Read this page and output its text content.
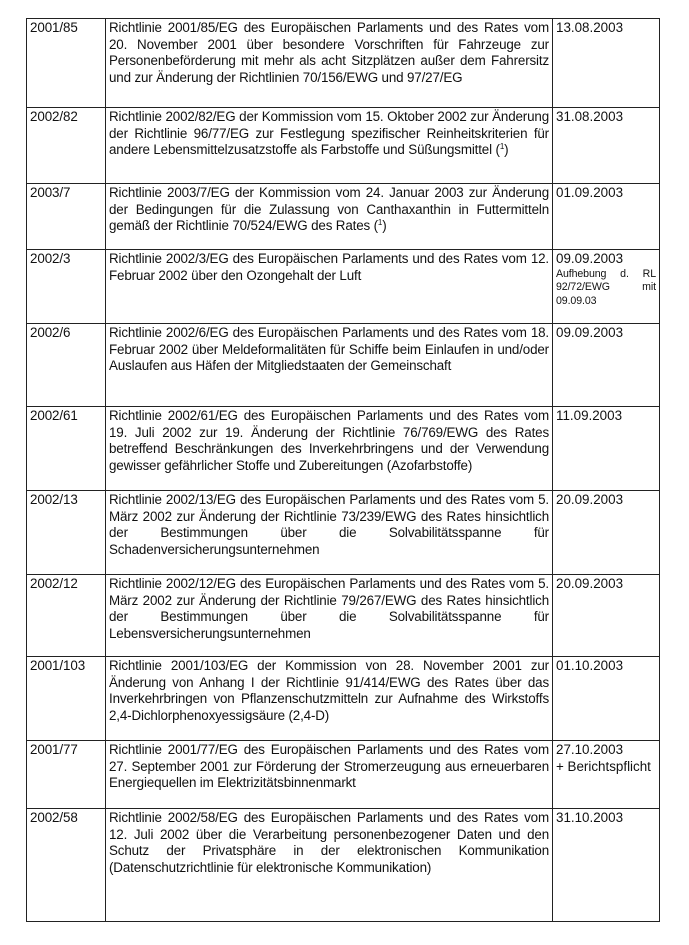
2001/85	Richtlinie 2001/85/EG des Europäischen Parlaments und des Rates vom 20. November 2001 über besondere Vorschriften für Fahrzeuge zur Personenbeförderung mit mehr als acht Sitzplätzen außer dem Fahrersitz und zur Änderung der Richtlinien 70/156/EWG und 97/27/EG	13.08.2003

2002/82	Richtlinie 2002/82/EG der Kommission vom 15. Oktober 2002 zur Änderung der Richtlinie 96/77/EG zur Festlegung spezifischer Reinheitskriterien für andere Lebensmittelzusatzstoffe als Farbstoffe und Süßungsmittel ($^1$)	31.08.2003

2003/7	Richtlinie 2003/7/EG der Kommission vom 24. Januar 2003 zur Änderung der Bedingungen für die Zulassung von Canthaxanthin in Futtermitteln gemäß der Richtlinie 70/524/EWG des Rates ($^1$)	01.09.2003

2002/3	Richtlinie 2002/3/EG des Europäischen Parlaments und des Rates vom 12. Februar 2002 über den Ozongehalt der Luft	09.09.2003
Aufhebung d. RL 92/72/EWG mit 09.09.03

2002/6	Richtlinie 2002/6/EG des Europäischen Parlaments und des Rates vom 18. Februar 2002 über Meldeformalitäten für Schiffe beim Einlaufen in und/oder Auslaufen aus Häfen der Mitgliedstaaten der Gemeinschaft	09.09.2003

2002/61	Richtlinie 2002/61/EG des Europäischen Parlaments und des Rates vom 19. Juli 2002 zur 19. Änderung der Richtlinie 76/769/EWG des Rates betreffend Beschränkungen des Inverkehrbringens und der Verwendung gewisser gefährlicher Stoffe und Zubereitungen (Azofarbstoffe)	11.09.2003

2002/13	Richtlinie 2002/13/EG des Europäischen Parlaments und des Rates vom 5. März 2002 zur Änderung der Richtlinie 73/239/EWG des Rates hinsichtlich der Bestimmungen über die Solvabilitätsspanne für Schadenversicherungsunternehmen	20.09.2003

2002/12	Richtlinie 2002/12/EG des Europäischen Parlaments und des Rates vom 5. März 2002 zur Änderung der Richtlinie 79/267/EWG des Rates hinsichtlich der Bestimmungen über die Solvabilitätsspanne für Lebensversicherungsunternehmen	20.09.2003

2001/103	Richtlinie 2001/103/EG der Kommission von 28. November 2001 zur Änderung von Anhang I der Richtlinie 91/414/EWG des Rates über das Inverkehrbringen von Pflanzenschutzmitteln zur Aufnahme des Wirkstoffs 2,4-Dichlorphenoxyessigsäure (2,4-D)	01.10.2003

2001/77	Richtlinie 2001/77/EG des Europäischen Parlaments und des Rates vom 27. September 2001 zur Förderung der Stromerzeugung aus erneuerbaren Energiequellen im Elektrizitätsbinnenmarkt	27.10.2003
+ Berichtspflicht

2002/58	Richtlinie 2002/58/EG des Europäischen Parlaments und des Rates vom 12. Juli 2002 über die Verarbeitung personenbezogener Daten und den Schutz der Privatsphäre in der elektronischen Kommunikation (Datenschutzrichtlinie für elektronische Kommunikation)	31.10.2003
